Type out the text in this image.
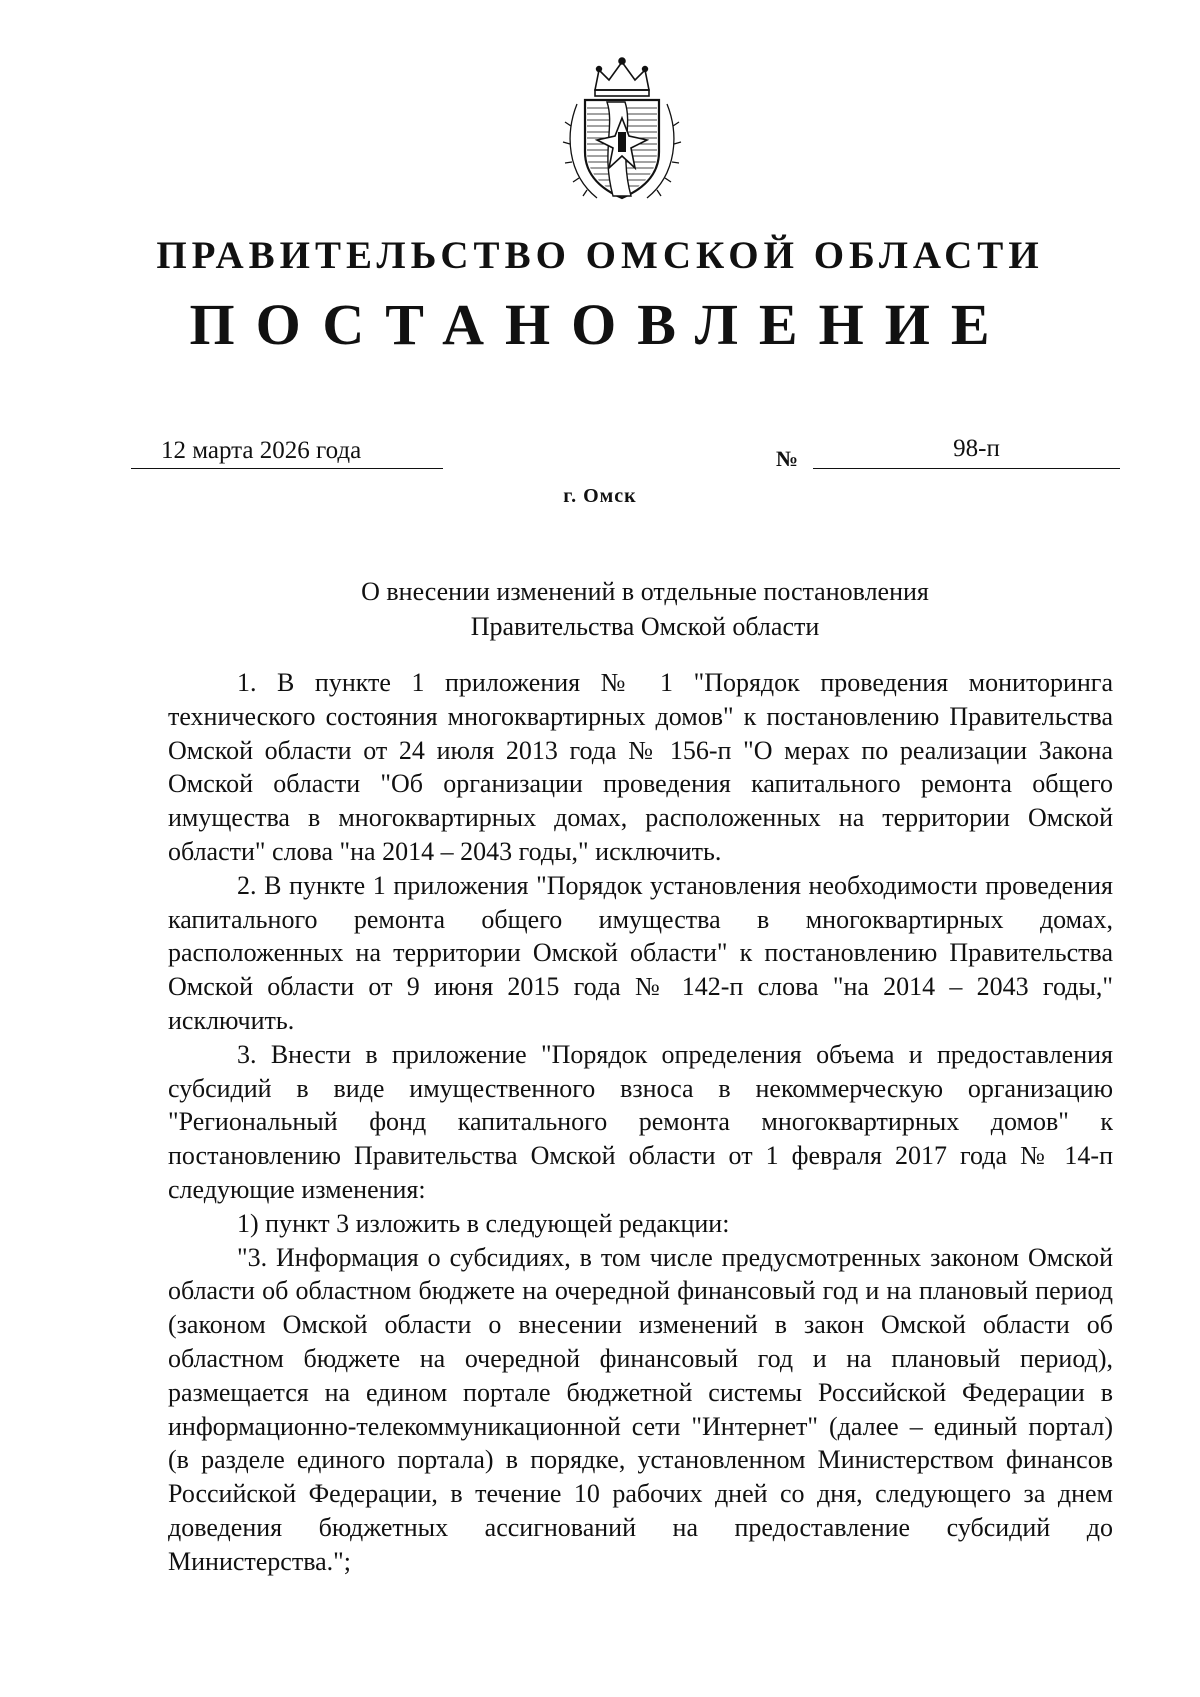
ПРАВИТЕЛЬСТВО ОМСКОЙ ОБЛАСТИ
ПОСТАНОВЛЕНИЕ
12 марта 2026 года	№	98-п
г. Омск
О внесении изменений в отдельные постановления
Правительства Омской области

1. В пункте 1 приложения № 1 "Порядок проведения мониторинга технического состояния многоквартирных домов" к постановлению Правительства Омской области от 24 июля 2013 года № 156-п "О мерах по реализации Закона Омской области "Об организации проведения капитального ремонта общего имущества в многоквартирных домах, расположенных на территории Омской области" слова "на 2014 – 2043 годы," исключить.

2. В пункте 1 приложения "Порядок установления необходимости проведения капитального ремонта общего имущества в многоквартирных домах, расположенных на территории Омской области" к постановлению Правительства Омской области от 9 июня 2015 года № 142-п слова "на 2014 – 2043 годы," исключить.

3. Внести в приложение "Порядок определения объема и предоставления субсидий в виде имущественного взноса в некоммерческую организацию "Региональный фонд капитального ремонта многоквартирных домов" к постановлению Правительства Омской области от 1 февраля 2017 года № 14-п следующие изменения:

1) пункт 3 изложить в следующей редакции:

"3. Информация о субсидиях, в том числе предусмотренных законом Омской области об областном бюджете на очередной финансовый год и на плановый период (законом Омской области о внесении изменений в закон Омской области об областном бюджете на очередной финансовый год и на плановый период), размещается на едином портале бюджетной системы Российской Федерации в информационно-телекоммуникационной сети "Интернет" (далее – единый портал) (в разделе единого портала) в порядке, установленном Министерством финансов Российской Федерации, в течение 10 рабочих дней со дня, следующего за днем доведения бюджетных ассигнований на предоставление субсидий до Министерства.";
